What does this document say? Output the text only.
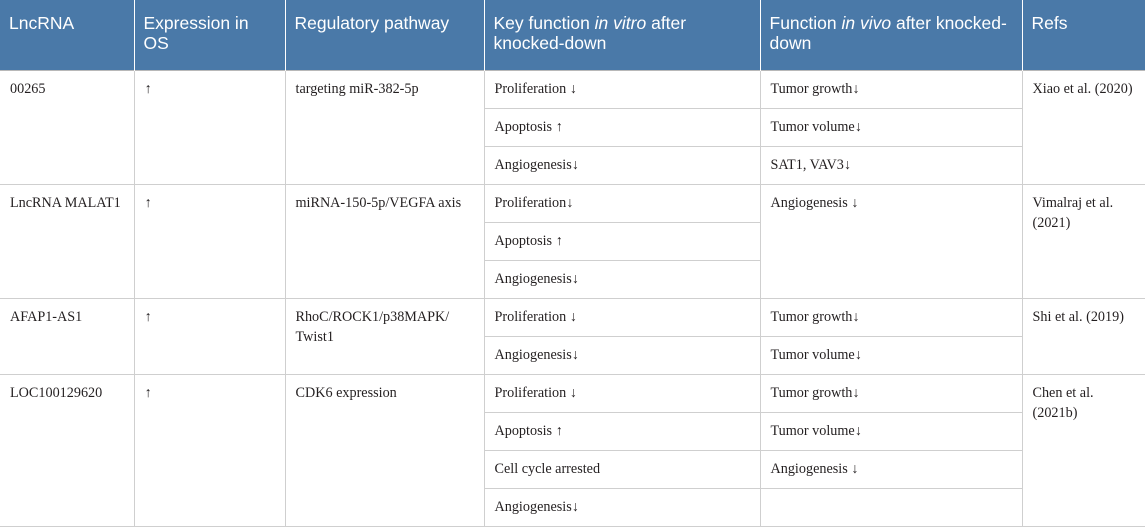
LncRNA	Expression in OS	Regulatory pathway	Key function in vitro after knocked-down	Function in vivo after knocked-down	Refs
00265	↑	targeting miR-382-5p	Proliferation ↓	Tumor growth↓	Xiao et al. (2020)
			Apoptosis ↑	Tumor volume↓	
			Angiogenesis↓	SAT1, VAV3↓	
LncRNA MALAT1	↑	miRNA-150-5p/VEGFA axis	Proliferation↓	Angiogenesis ↓	Vimalraj et al. (2021)
			Apoptosis ↑		
			Angiogenesis↓		
AFAP1-AS1	↑	RhoC/ROCK1/p38MAPK/ Twist1	Proliferation ↓	Tumor growth↓	Shi et al. (2019)
			Angiogenesis↓	Tumor volume↓	
LOC100129620	↑	CDK6 expression	Proliferation ↓	Tumor growth↓	Chen et al. (2021b)
			Apoptosis ↑	Tumor volume↓	
			Cell cycle arrested	Angiogenesis ↓	
			Angiogenesis↓		
